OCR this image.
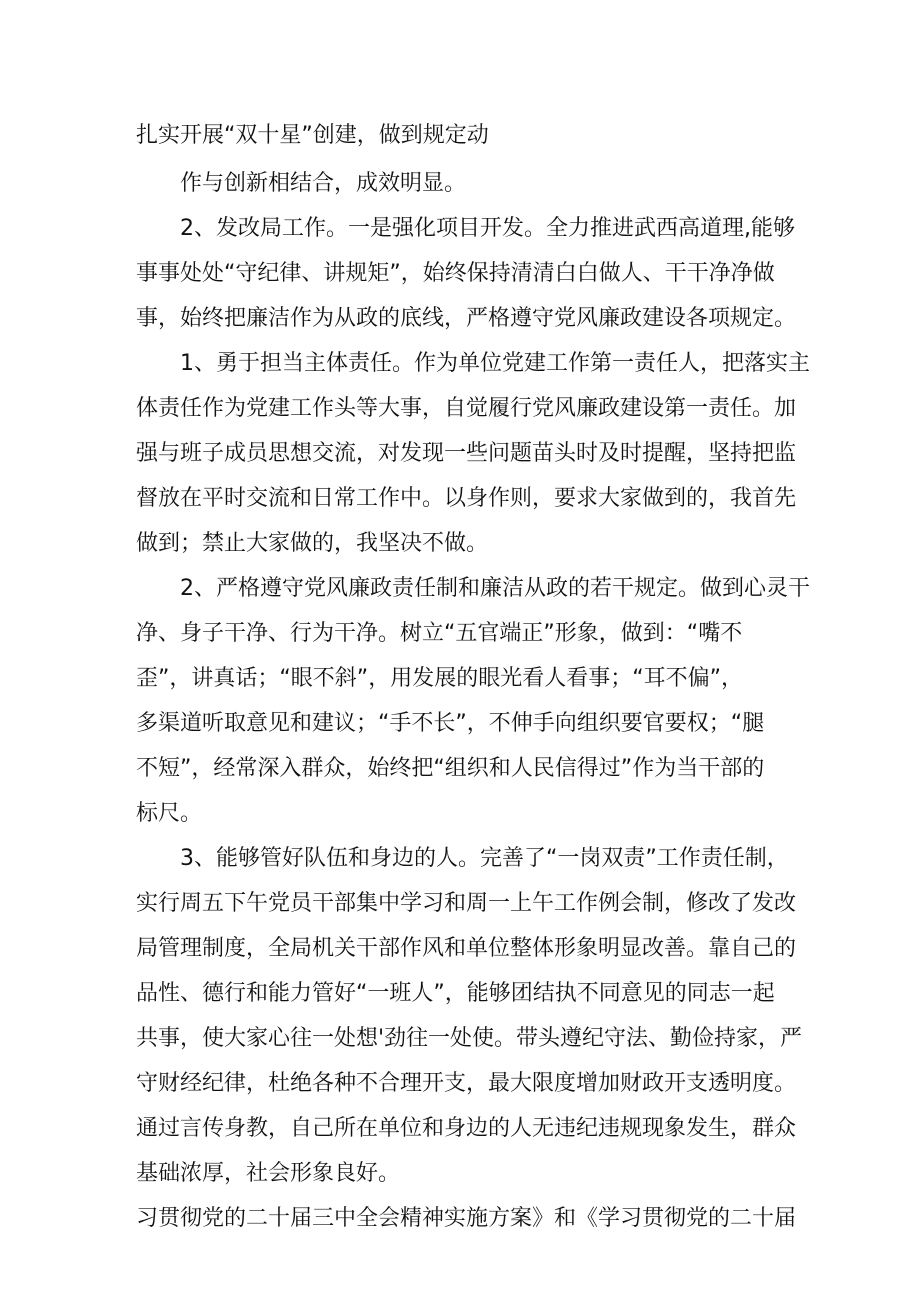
扎实开展“双十星”创建，做到规定动
作与创新相结合，成效明显。
2、发改局工作。一是强化项目开发。全力推进武西高道理,能够
事事处处“守纪律、讲规矩”，始终保持清清白白做人、干干净净做
事，始终把廉洁作为从政的底线，严格遵守党风廉政建设各项规定。
1、勇于担当主体责任。作为单位党建工作第一责任人，把落实主
体责任作为党建工作头等大事，自觉履行党风廉政建设第一责任。加
强与班子成员思想交流，对发现一些问题苗头时及时提醒，坚持把监
督放在平时交流和日常工作中。以身作则，要求大家做到的，我首先
做到；禁止大家做的，我坚决不做。
2、严格遵守党风廉政责任制和廉洁从政的若干规定。做到心灵干
净、身子干净、行为干净。树立“五官端正”形象，做到：“嘴不
歪”，讲真话；“眼不斜”，用发展的眼光看人看事；“耳不偏”，
多渠道听取意见和建议；“手不长”，不伸手向组织要官要权；“腿
不短”，经常深入群众，始终把“组织和人民信得过”作为当干部的
标尺。
3、能够管好队伍和身边的人。完善了“一岗双责”工作责任制，
实行周五下午党员干部集中学习和周一上午工作例会制，修改了发改
局管理制度，全局机关干部作风和单位整体形象明显改善。靠自己的
品性、德行和能力管好“一班人”，能够团结执不同意见的同志一起
共事，使大家心往一处想'劲往一处使。带头遵纪守法、勤俭持家，严
守财经纪律，杜绝各种不合理开支，最大限度增加财政开支透明度。
通过言传身教，自己所在单位和身边的人无违纪违规现象发生，群众
基础浓厚，社会形象良好。
习贯彻党的二十届三中全会精神实施方案》和《学习贯彻党的二十届
